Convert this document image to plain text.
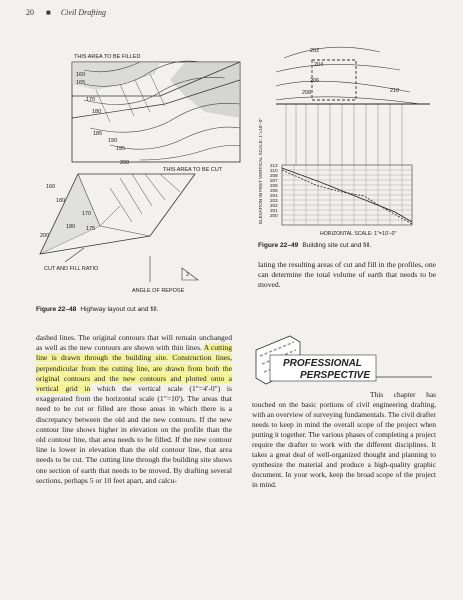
20 ■ Civil Drafting
160
165
170
180
185
190
195
200
THIS AREA TO BE FILLED
THIS AREA TO BE CUT
160
180
170
180 175
200
CUT AND FILL RATIO
ANGLE OF REPOSE
2
Figure 22–48 Highway layout cut and fill.
202
204
206
208	210
212
210
208
207
206
205
204
203
202
201
200
ELEVATION IN FEET VERTICAL SCALE: 1"=10'–0"
HORIZONTAL SCALE: 1"=10'–0"
Figure 22–49 Building site cut and fill.
lating the resulting areas of cut and fill in the profiles, one can determine the total volume of earth that needs to be moved.
dashed lines. The original contours that will remain unchanged as well as the new contours are shown with thin lines. A cutting line is drawn through the building site. Construction lines, perpendicular from the cutting line, are drawn from both the original contours and the new contours and plotted onto a vertical grid in which the vertical scale (1"=4'-0") is exaggerated from the horizontal scale (1"=10'). The areas that need to be cut or filled are those areas in which there is a discrepancy between the old and the new contours. If the new contour line shows higher in elevation on the profile than the old contour line, that area needs to be filled. If the new contour line is lower in elevation than the old contour line, that area needs to be cut. The cutting line through the building site shows one section of earth that needs to be moved. By drafting several sections, perhaps 5 or 10 feet apart, and calcu-
PROFESSIONAL
PERSPECTIVE
This chapter has touched on the basic portions of civil engineering drafting, with an overview of surveying fundamentals. The civil drafter needs to keep in mind the overall scope of the project when putting it together. The various phases of completing a project require the drafter to work with the different disciplines. It takes a great deal of well-organized thought and planning to synthesize the material and produce a high-quality graphic document. In your work, keep the broad scope of the project in mind.
